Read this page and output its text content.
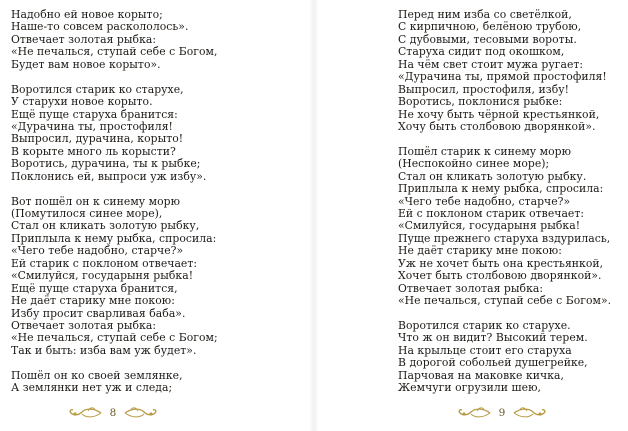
Надобно ей новое корыто;
Наше-то совсем раскололось».
Отвечает золотая рыбка:
«Не печалься, ступай себе с Богом,
Будет вам новое корыто».
Воротился старик ко старухе,
У старухи новое корыто.
Ещё пуще старуха бранится:
«Дурачина ты, простофиля!
Выпросил, дурачина, корыто!
В корыте много ль корысти?
Воротись, дурачина, ты к рыбке;
Поклонись ей, выпроси уж избу».
Вот пошёл он к синему морю
(Помутилося синее море),
Стал он кликать золотую рыбку,
Приплыла к нему рыбка, спросила:
«Чего тебе надобно, старче?»
Ей старик с поклоном отвечает:
«Смилуйся, государыня рыбка!
Ещё пуще старуха бранится,
Не даёт старику мне покою:
Избу просит сварливая баба».
Отвечает золотая рыбка:
«Не печалься, ступай себе с Богом;
Так и быть: изба вам уж будет».
Пошёл он ко своей землянке,
А землянки нет уж и следа;
8
Перед ним изба со светёлкой,
С кирпичною, белёною трубою,
С дубовыми, тесовыми вороты.
Старуха сидит под окошком,
На чём свет стоит мужа ругает:
«Дурачина ты, прямой простофиля!
Выпросил, простофиля, избу!
Воротись, поклонися рыбке:
Не хочу быть чёрной крестьянкой,
Хочу быть столбовою дворянкой».
Пошёл старик к синему морю
(Неспокойно синее море);
Стал он кликать золотую рыбку.
Приплыла к нему рыбка, спросила:
«Чего тебе надобно, старче?»
Ей с поклоном старик отвечает:
«Смилуйся, государыня рыбка!
Пуще прежнего старуха вздурилась,
Не даёт старику мне покою:
Уж не хочет быть она крестьянкой,
Хочет быть столбовою дворянкой».
Отвечает золотая рыбка:
«Не печалься, ступай себе с Богом».
Воротился старик ко старухе.
Что ж он видит? Высокий терем.
На крыльце стоит его старуха
В дорогой собольей душегрейке,
Парчовая на маковке кичка,
Жемчуги огрузили шею,
9
